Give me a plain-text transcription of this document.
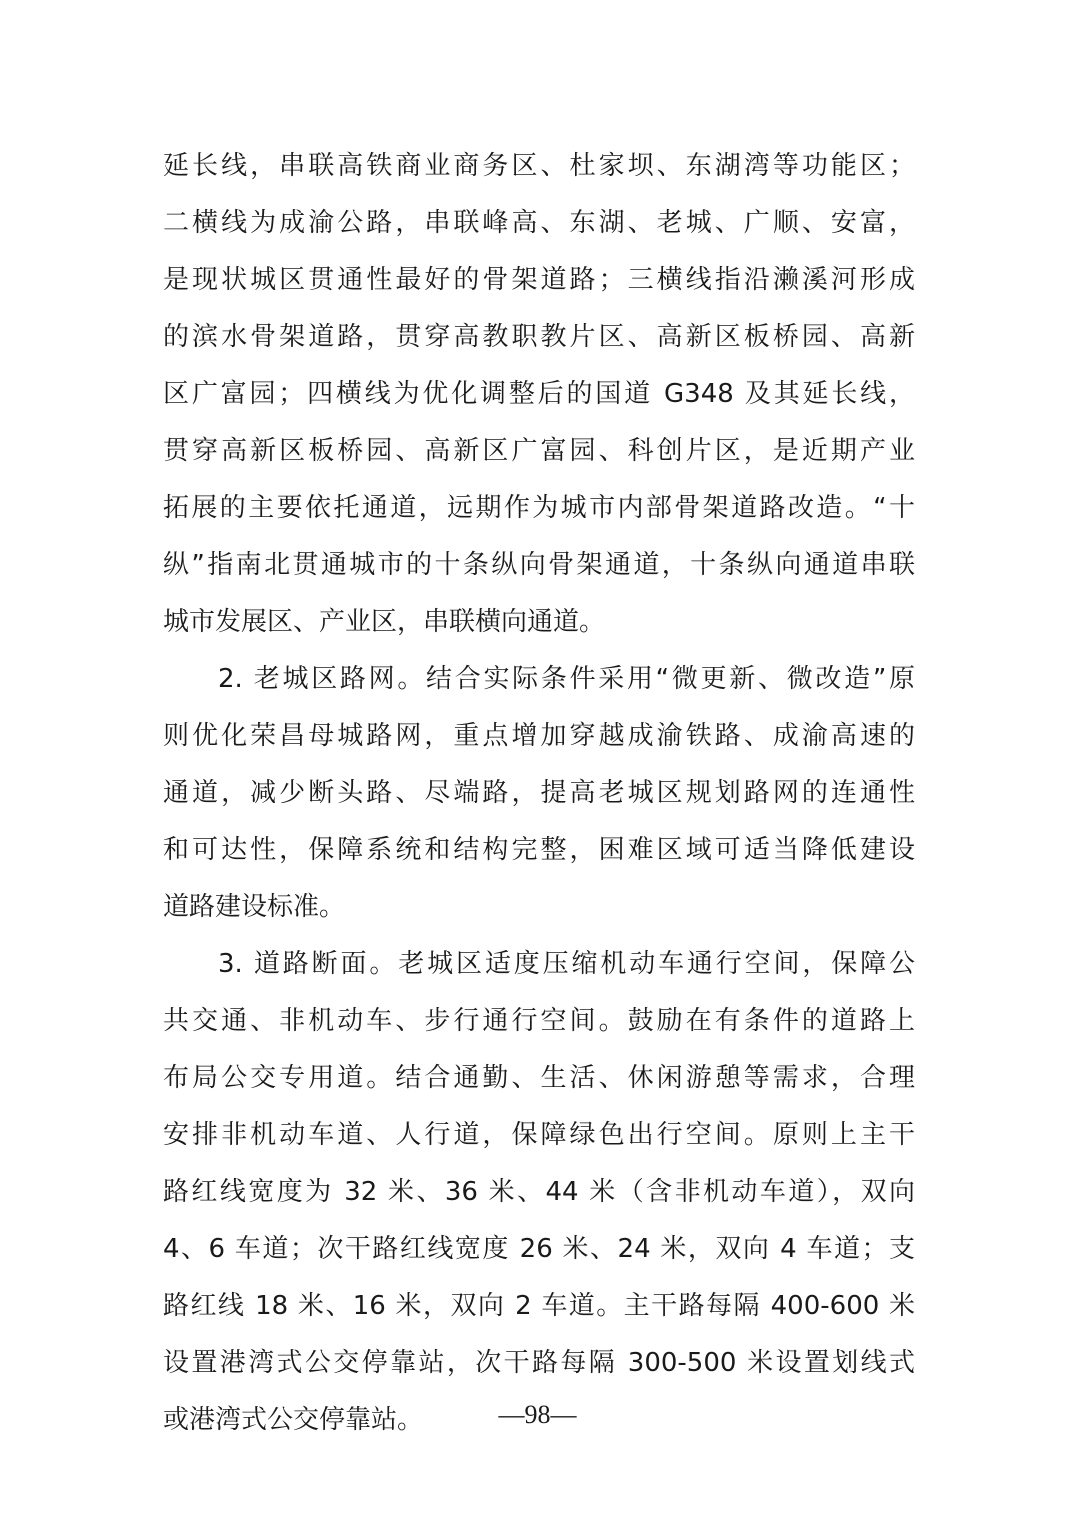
延长线，串联高铁商业商务区、杜家坝、东湖湾等功能区；
二横线为成渝公路，串联峰高、东湖、老城、广顺、安富，
是现状城区贯通性最好的骨架道路；三横线指沿濑溪河形成
的滨水骨架道路，贯穿高教职教片区、高新区板桥园、高新
区广富园；四横线为优化调整后的国道 G348 及其延长线，
贯穿高新区板桥园、高新区广富园、科创片区，是近期产业
拓展的主要依托通道，远期作为城市内部骨架道路改造。“十
纵”指南北贯通城市的十条纵向骨架通道，十条纵向通道串联
城市发展区、产业区，串联横向通道。
2. 老城区路网。结合实际条件采用“微更新、微改造”原
则优化荣昌母城路网，重点增加穿越成渝铁路、成渝高速的
通道，减少断头路、尽端路，提高老城区规划路网的连通性
和可达性，保障系统和结构完整，困难区域可适当降低建设
道路建设标准。
3. 道路断面。老城区适度压缩机动车通行空间，保障公
共交通、非机动车、步行通行空间。鼓励在有条件的道路上
布局公交专用道。结合通勤、生活、休闲游憩等需求，合理
安排非机动车道、人行道，保障绿色出行空间。原则上主干
路红线宽度为 32 米、36 米、44 米（含非机动车道），双向
4、6 车道；次干路红线宽度 26 米、24 米，双向 4 车道；支
路红线 18 米、16 米，双向 2 车道。主干路每隔 400-600 米
设置港湾式公交停靠站，次干路每隔 300-500 米设置划线式
或港湾式公交停靠站。	—98—
